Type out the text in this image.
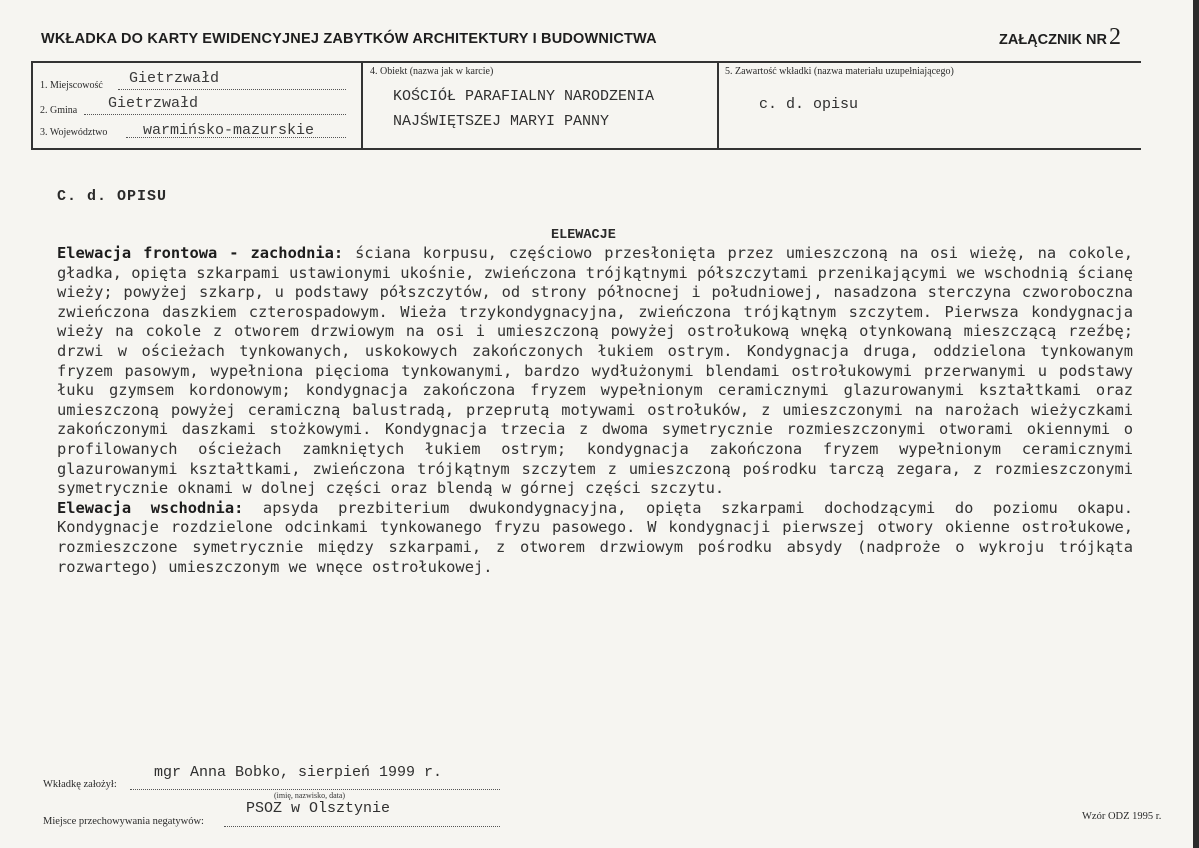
WKŁADKA DO KARTY EWIDENCYJNEJ ZABYTKÓW ARCHITEKTURY I BUDOWNICTWA	ZAŁĄCZNIK NR2
1. Miejscowość Gietrzwałd
2. Gmina Gietrzwałd
3. Województwo warmińsko-mazurskie
4. Obiekt (nazwa jak w karcie)
KOŚCIÓŁ PARAFIALNY NARODZENIA
NAJŚWIĘTSZEJ MARYI PANNY
5. Zawartość wkładki (nazwa materiału uzupełniającego)
c. d. opisu
C. d. OPISU
ELEWACJE

Elewacja frontowa - zachodnia: ściana korpusu, częściowo przesłonięta przez umieszczoną na osi wieżę, na cokole, gładka, opięta szkarpami ustawionymi ukośnie, zwieńczona trójkątnymi półszczytami przenikającymi we wschodnią ścianę wieży; powyżej szkarp, u podstawy półszczytów, od strony północnej i południowej, nasadzona sterczyna czworoboczna zwieńczona daszkiem czterospadowym. Wieża trzykondygnacyjna, zwieńczona trójkątnym szczytem. Pierwsza kondygnacja wieży na cokole z otworem drzwiowym na osi i umieszczoną powyżej ostrołukową wnęką otynkowaną mieszczącą rzeźbę; drzwi w ościeżach tynkowanych, uskokowych zakończonych łukiem ostrym. Kondygnacja druga, oddzielona tynkowanym fryzem pasowym, wypełniona pięcioma tynkowanymi, bardzo wydłużonymi blendami ostrołukowymi przerwanymi u podstawy łuku gzymsem kordonowym; kondygnacja zakończona fryzem wypełnionym ceramicznymi glazurowanymi kształtkami oraz umieszczoną powyżej ceramiczną balustradą, przeprutą motywami ostrołuków, z umieszczonymi na narożach wieżyczkami zakończonymi daszkami stożkowymi. Kondygnacja trzecia z dwoma symetrycznie rozmieszczonymi otworami okiennymi o profilowanych ościeżach zamkniętych łukiem ostrym; kondygnacja zakończona fryzem wypełnionym ceramicznymi glazurowanymi kształtkami, zwieńczona trójkątnym szczytem z umieszczoną pośrodku tarczą zegara, z rozmieszczonymi symetrycznie oknami w dolnej części oraz blendą w górnej części szczytu.

Elewacja wschodnia: apsyda prezbiterium dwukondygnacyjna, opięta szkarpami dochodzącymi do poziomu okapu. Kondygnacje rozdzielone odcinkami tynkowanego fryzu pasowego. W kondygnacji pierwszej otwory okienne ostrołukowe, rozmieszczone symetrycznie między szkarpami, z otworem drzwiowym pośrodku absydy (nadproże o wykroju trójkąta rozwartego) umieszczonym we wnęce ostrołukowej.

Wkładkę założył:
mgr Anna Bobko, sierpień 1999 r.
(imię, nazwisko, data)
Miejsce przechowywania negatywów:
PSOZ w Olsztynie	Wzór ODZ 1995 r.
